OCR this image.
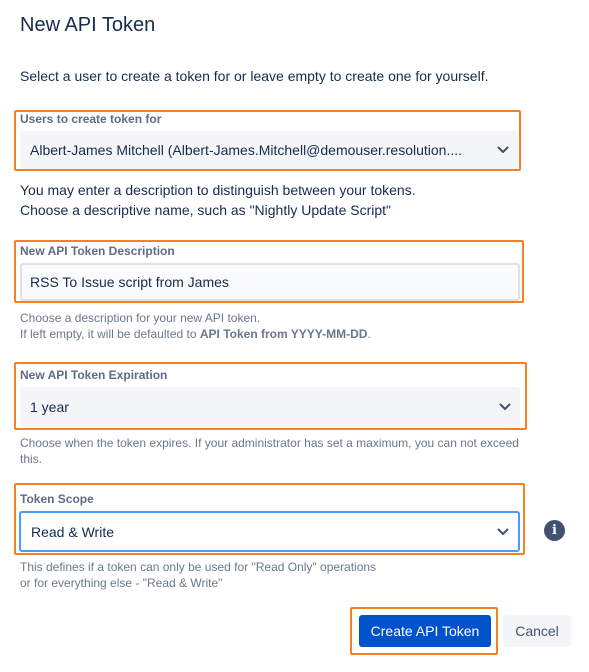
New API Token
Select a user to create a token for or leave empty to create one for yourself.
Users to create token for
Albert-James Mitchell (Albert-James.Mitchell@demouser.resolution....
You may enter a description to distinguish between your tokens.
Choose a descriptive name, such as "Nightly Update Script"
New API Token Description
RSS To Issue script from James
Choose a description for your new API token.
If left empty, it will be defaulted to API Token from YYYY-MM-DD.
New API Token Expiration
1 year
Choose when the token expires. If your administrator has set a maximum, you can not exceed
this.
Token Scope
Read & Write	i
This defines if a token can only be used for "Read Only" operations
or for everything else - "Read & Write"
Create API Token	Cancel
